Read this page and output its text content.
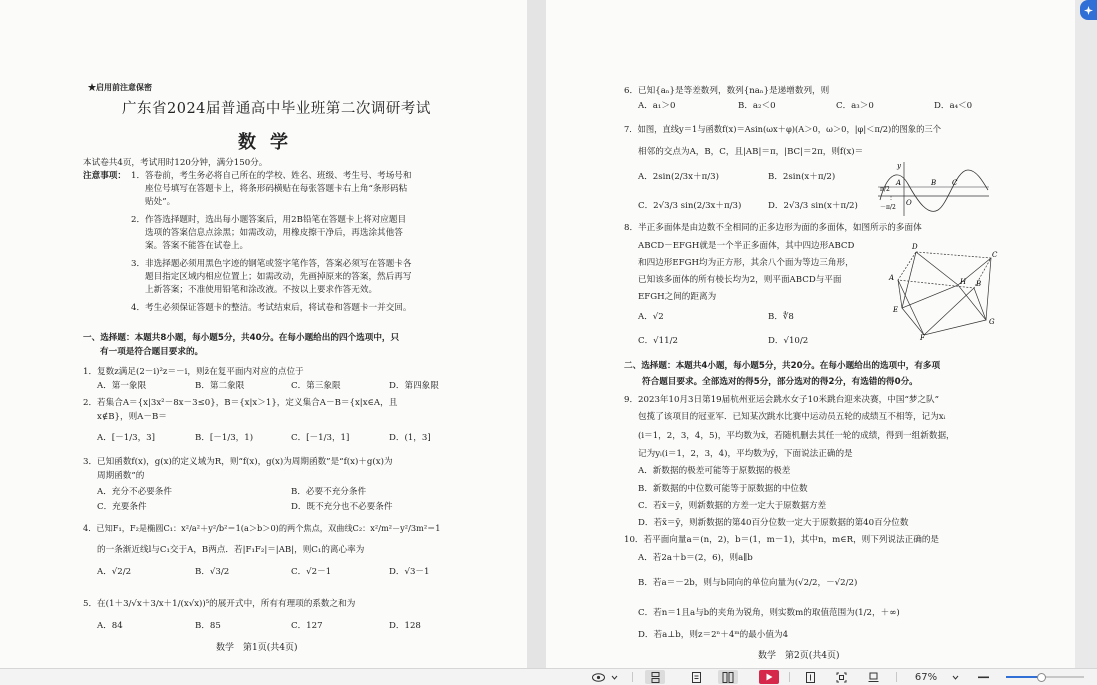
★启用前注意保密
广东省2024届普通高中毕业班第二次调研考试
数学
本试卷共4页，考试用时120分钟，满分150分。
注意事项： 1．答卷前，考生务必将自己所在的学校、姓名、班级、考生号、考场号和
座位号填写在答题卡上，将条形码横贴在每张答题卡右上角“条形码粘
贴处”。
2．作答选择题时，选出每小题答案后，用2B铅笔在答题卡上将对应题目
选项的答案信息点涂黑；如需改动，用橡皮擦干净后，再选涂其他答
案。答案不能答在试卷上。
3．非选择题必须用黑色字迹的钢笔或签字笔作答，答案必须写在答题卡各
题目指定区域内相应位置上；如需改动，先画掉原来的答案，然后再写
上新答案；不准使用铅笔和涂改液。不按以上要求作答无效。
4．考生必须保证答题卡的整洁。考试结束后，将试卷和答题卡一并交回。
一、选择题：本题共8小题，每小题5分，共40分。在每小题给出的四个选项中，只
有一项是符合题目要求的。
1．复数z满足(2－i)²z＝－i，则z̄在复平面内对应的点位于
A．第一象限	B．第二象限	C．第三象限	D．第四象限
2．若集合A＝{x|3x²－8x－3≤0}，B＝{x|x＞1}，定义集合A－B＝{x|x∈A，且
x∉B}，则A－B＝
A．[－1/3，3]	B．[－1/3，1)	C．[－1/3，1]	D．(1，3]
3．已知函数f(x)，g(x)的定义域为R，则“f(x)，g(x)为周期函数”是“f(x)＋g(x)为
周期函数”的
A．充分不必要条件	B．必要不充分条件
C．充要条件	D．既不充分也不必要条件
4．已知F₁，F₂是椭圆C₁：x²/a²＋y²/b²＝1(a＞b＞0)的两个焦点，双曲线C₂：x²/m²－y²/3m²＝1
的一条渐近线l与C₁交于A，B两点．若|F₁F₂|＝|AB|，则C₁的离心率为
A．√2/2	B．√3/2	C．√2－1	D．√3－1
5．在(1＋3/√x＋3/x＋1/(x√x))⁵的展开式中，所有有理项的系数之和为
A．84	B．85	C．127	D．128
数学　第1页(共4页)
6．已知{aₙ}是等差数列，数列{naₙ}是递增数列，则
A．a₁＞0	B．a₂＜0	C．a₃＞0	D．a₄＜0
7．如图，直线y＝1与函数f(x)＝Asin(ωx＋φ)(A＞0，ω＞0，|φ|＜π/2)的图象的三个
相邻的交点为A，B，C，且|AB|＝π，|BC|＝2π，则f(x)＝
A．2sin(2/3x＋π/3)	B．2sin(x＋π/2)
C．2√3/3 sin(2/3x＋π/3)	D．2√3/3 sin(x＋π/2)
y
O
A	B C
－π/2
π/2
8．半正多面体是由边数不全相同的正多边形为面的多面体，如图所示的多面体
ABCD－EFGH就是一个半正多面体，其中四边形ABCD
和四边形EFGH均为正方形，其余八个面为等边三角形，
已知该多面体的所有棱长均为2，则平面ABCD与平面
EFGH之间的距离为
A．√2	B．∜8
C．√11/2	D．√10/2
D
C
B
A	H
E
F
G
二、选择题：本题共4小题，每小题5分，共20分。在每小题给出的选项中，有多项
符合题目要求。全部选对的得5分，部分选对的得2分，有选错的得0分。
9．2023年10月3日第19届杭州亚运会跳水女子10米跳台迎来决赛，中国“梦之队”
包揽了该项目的冠亚军．已知某次跳水比赛中运动员五轮的成绩互不相等，记为xᵢ
(i＝1，2，3，4，5)，平均数为x̄，若随机删去其任一轮的成绩，得到一组新数据，
记为yᵢ(i＝1，2，3，4)，平均数为ȳ，下面说法正确的是
A．新数据的极差可能等于原数据的极差
B．新数据的中位数可能等于原数据的中位数
C．若x̄＝ȳ，则新数据的方差一定大于原数据方差
D．若x̄＝ȳ，则新数据的第40百分位数一定大于原数据的第40百分位数
10．若平面向量a＝(n，2)，b＝(1，m－1)，其中n，m∈R，则下列说法正确的是
A．若2a＋b＝(2，6)，则a∥b
B．若a＝－2b，则与b同向的单位向量为(√2/2，－√2/2)
C．若n＝1且a与b的夹角为锐角，则实数m的取值范围为(1/2，＋∞)
D．若a⊥b，则z＝2ⁿ＋4ᵐ的最小值为4
数学　第2页(共4页)
67%
